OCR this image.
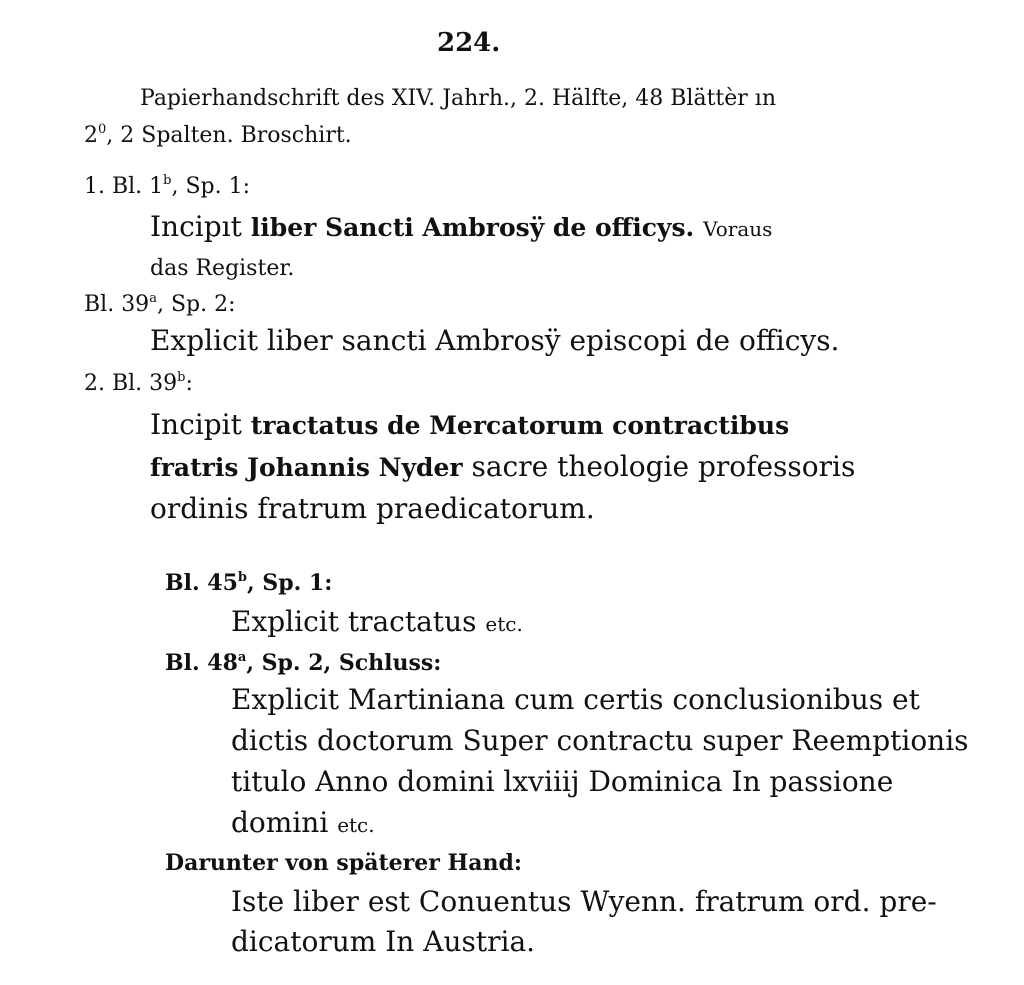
224.
Papierhandschrift des XIV. Jahrh., 2. Hälfte, 48 Blättèr ın
$2^0$, 2 Spalten. Broschirt.
1. Bl. 1$^b$, Sp. 1:
Incipıt liber Sancti Ambrosÿ de officys. Voraus
das Register.
Bl. 39$^a$, Sp. 2:
Explicit liber sancti Ambrosÿ episcopi de officys.
2. Bl. 39$^b$:
Incipit tractatus de Mercatorum contractibus
fratris Johannis Nyder sacre theologie professoris
ordinis fratrum praedicatorum.
Bl. 45$^b$, Sp. 1:
Explicit tractatus etc.
Bl. 48$^a$, Sp. 2, Schluss:
Explicit Martiniana cum certis conclusionibus et
dictis doctorum Super contractu super Reemptionis
titulo Anno domini lxviiij Dominica In passione
domini etc.
Darunter von späterer Hand:
Iste liber est Conuentus Wyenn. fratrum ord. pre-
dicatorum In Austria.
